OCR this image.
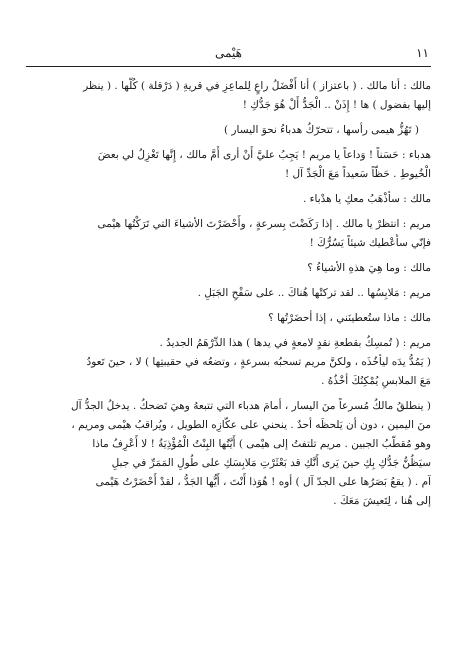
١١
هَيْمى
مالك : أنا مالك . ( باعتزاز ) أنا أَفْضَلُ راعٍ لِلماعِزِ في قريةِ ( دَرْقلة ) كُلَّها . ( ينظر
إليها بفضول ) ها ! إِذَنْ .. الْجَدُّ أَلْ هُوَ جَدُّكِ !
( تَهُزُّ هيمى رأسها ، تتحرّكُ هدباءُ نحوَ اليسار )
هدباء : حَسَناً ! وَداعاً يا مريم ! يَجِبُ عليَّ أَنْ أرى أُمَّ مالك ، إِنَّها تَغْزِلُ لي بعضَ
الْخُيوطِ . حَظّاً سَعيداً مَعَ الْجَدِّ آل !
مالك : سأذْهَبُ معكِ يا هدْباء .
مريم : انتظرْ يا مالك . إذا رَكَضْتَ بِسرعةٍ ، وأَحْضَرْتَ الأشياءَ التي تَرَكْتُها هيْمى
فإنّي سأُعْطيك شيئاً يَسُرُّكَ !
مالك : وما هِيَ هذهِ الأشياءُ ؟
مريم : مَلابِسُها .. لقد تركتْها هُناكَ .. على سَفْحِ الجَبَلِ .
مالك : ماذا ستُعطينَني ، إذا أحضَرْتُها ؟
مريم : ( تُمسِكُ بقطعةِ نقدٍ لامعةٍ في يدها ) هذا الدِّرْهَمُ الجديدُ .
( يَمُدُّ يدَه ليأخُذَه ، ولكنَّ مريم تسحبُه بسرعةٍ ، وتضعُه في حقيبتِها ) لا ، حينَ تَعودُ
مَعَ الملابسِ يُمْكِنُكَ أخْذُهُ .
( ينطلقُ مالكُ مُسرعاً منَ اليسار ، أمامَ هدباء التي تتبعهُ وهيَ تَضحكُ . يدخلُ الجدُّ آل
منَ اليمين ، دون أن يَلحظَه أحدٌ . ينحني على عكّازِه الطويل ، ويُراقبُ هيْمى ومريم ،
وهو مُقطّبُ الجبين . مريم تلتفتُ إلى هيْمى ) أَيَّتُها البِنْتُ الْمُؤْذِيَةُ ! لا أَعْرِفُ ماذا
سيَظُنُّ جَدُّكِ بِكِ حينَ يَرى أَنَّكِ قد بَعْثَرْتِ مَلابِسَكِ على طُولِ المَمَرِّ في جبلِ
آم . ( يقعُ بَصَرُها على الجدّ آل ) أوه ! هُوَذا أَنْتَ ، أَيُّها الجَدُّ ، لقدْ أَحْضَرْتُ هَيْمى
إلى هُنا ، لِتَعيشَ مَعَكَ .
